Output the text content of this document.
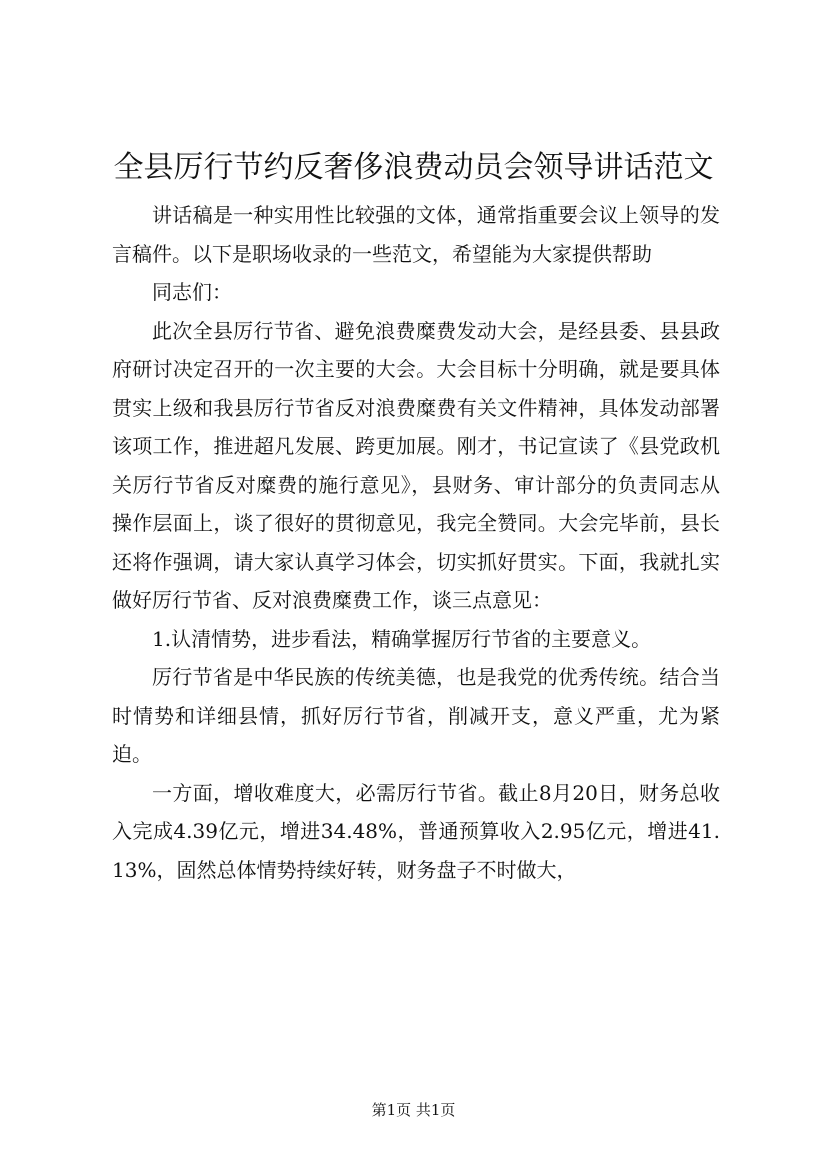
全县厉行节约反奢侈浪费动员会领导讲话范文

讲话稿是一种实用性比较强的文体，通常指重要会议上领导的发言稿件。以下是职场收录的一些范文，希望能为大家提供帮助

同志们：

此次全县厉行节省、避免浪费糜费发动大会，是经县委、县县政府研讨决定召开的一次主要的大会。大会目标十分明确，就是要具体贯实上级和我县厉行节省反对浪费糜费有关文件精神，具体发动部署该项工作，推进超凡发展、跨更加展。刚才，书记宣读了《县党政机关厉行节省反对糜费的施行意见》，县财务、审计部分的负责同志从操作层面上，谈了很好的贯彻意见，我完全赞同。大会完毕前，县长还将作强调，请大家认真学习体会，切实抓好贯实。下面，我就扎实做好厉行节省、反对浪费糜费工作，谈三点意见：

1.认清情势，进步看法，精确掌握厉行节省的主要意义。

厉行节省是中华民族的传统美德，也是我党的优秀传统。结合当时情势和详细县情，抓好厉行节省，削减开支，意义严重，尤为紧迫。

一方面，增收难度大，必需厉行节省。截止8月20日，财务总收入完成4.39亿元，增进34.48%，普通预算收入2.95亿元，增进41.13%，固然总体情势持续好转，财务盘子不时做大，

第1页 共1页
